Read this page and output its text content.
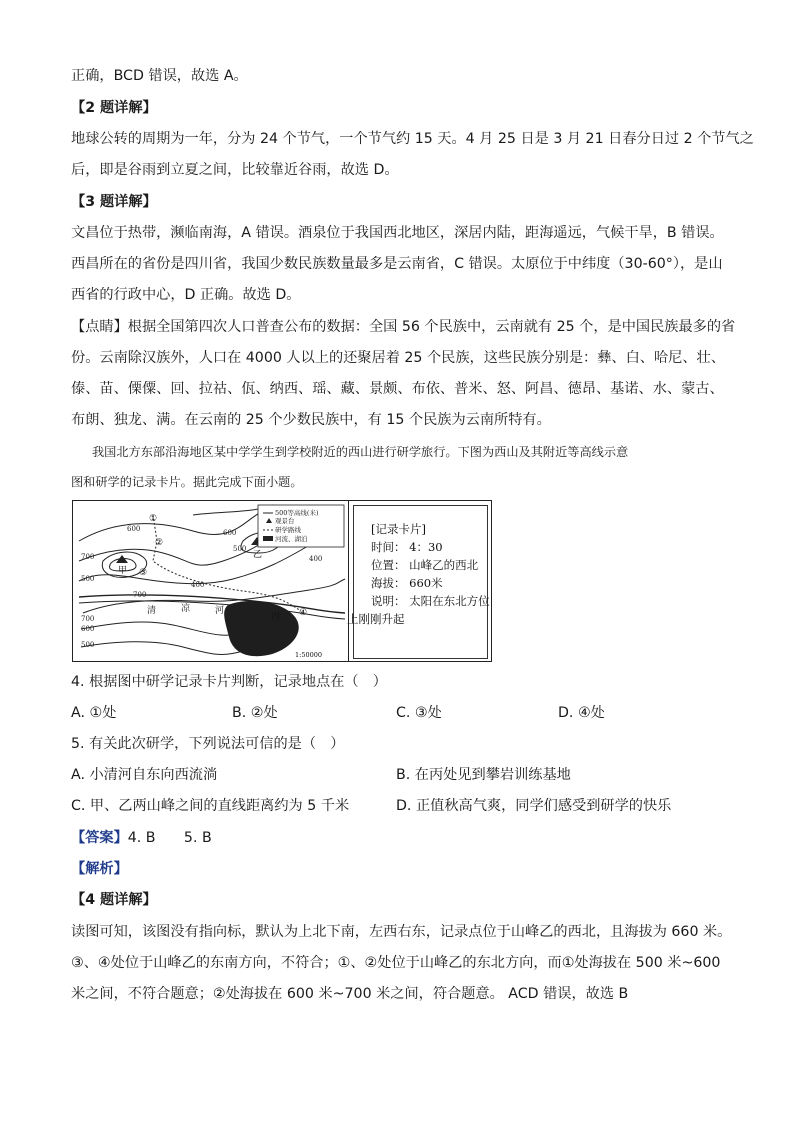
正确，BCD 错误，故选 A。
【2 题详解】
地球公转的周期为一年，分为 24 个节气，一个节气约 15 天。4 月 25 日是 3 月 21 日春分日过 2 个节气之
后，即是谷雨到立夏之间，比较靠近谷雨，故选 D。
【3 题详解】
文昌位于热带，濒临南海，A 错误。酒泉位于我国西北地区，深居内陆，距海遥远，气候干旱，B 错误。
西昌所在的省份是四川省，我国少数民族数量最多是云南省，C 错误。太原位于中纬度（30-60°），是山
西省的行政中心，D 正确。故选 D。
【点睛】根据全国第四次人口普查公布的数据：全国 56 个民族中，云南就有 25 个，是中国民族最多的省
份。云南除汉族外，人口在 4000 人以上的还聚居着 25 个民族，这些民族分别是：彝、白、哈尼、壮、
傣、苗、傈僳、回、拉祜、佤、纳西、瑶、藏、景颇、布依、普米、怒、阿昌、德昂、基诺、水、蒙古、
布朗、独龙、满。在云南的 25 个少数民族中，有 15 个民族为云南所特有。
我国北方东部沿海地区某中学学生到学校附近的西山进行研学旅行。下图为西山及其附近等高线示意
图和研学的记录卡片。据此完成下面小题。
500等高线(米)
观景台
研学路线
河流、湖泊
600
700
500
700
600
600
400
400
500
700
500
甲
乙
丙
清	凉	河
①
②
③
④
1:50000
[记录卡片]
时间： 4：30
位置： 山峰乙的西北
海拔： 660米
说明： 太阳在东北方位
上刚刚升起
4. 根据图中研学记录卡片判断，记录地点在（　）
A. ①处	B. ②处	C. ③处	D. ④处
5. 有关此次研学，下列说法可信的是（　）
A. 小清河自东向西流淌	B. 在丙处见到攀岩训练基地
C. 甲、乙两山峰之间的直线距离约为 5 千米	D. 正值秋高气爽，同学们感受到研学的快乐
【答案】4. B　　5. B
【解析】
【4 题详解】
读图可知，该图没有指向标，默认为上北下南，左西右东，记录点位于山峰乙的西北，且海拔为 660 米。
③、④处位于山峰乙的东南方向，不符合；①、②处位于山峰乙的东北方向，而①处海拔在 500 米~600
米之间，不符合题意；②处海拔在 600 米~700 米之间，符合题意。 ACD 错误，故选 B
